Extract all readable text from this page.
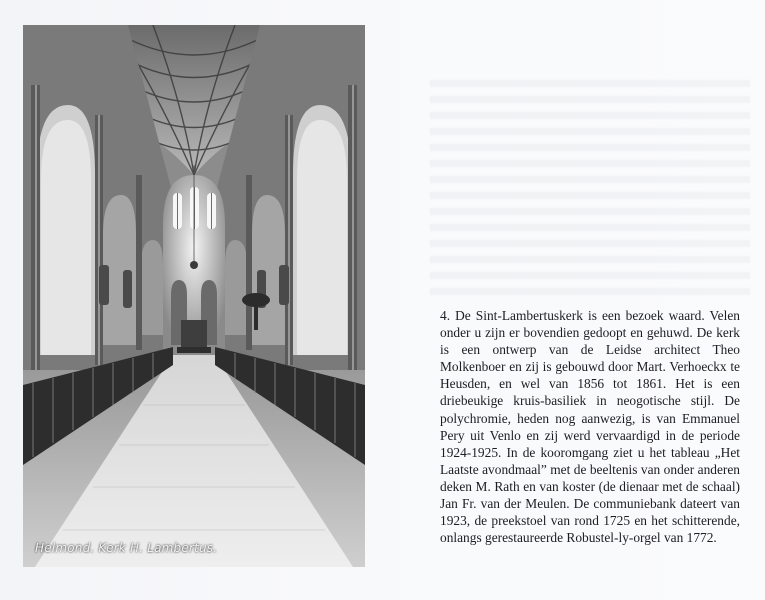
Helmond. Kerk H. Lambertus.

4. De Sint-Lambertuskerk is een bezoek waard. Velen onder u zijn er bovendien gedoopt en gehuwd. De kerk is een ontwerp van de Leidse architect Theo Molkenboer en zij is gebouwd door Mart. Verhoeckx te Heusden, en wel van 1856 tot 1861. Het is een driebeukige kruis-basiliek in neogotische stijl. De polychromie, heden nog aanwezig, is van Emmanuel Pery uit Venlo en zij werd vervaardigd in de periode 1924-1925. In de kooromgang ziet u het tableau „Het Laatste avondmaal” met de beeltenis van onder anderen deken M. Rath en van koster (de dienaar met de schaal) Jan Fr. van der Meulen. De communiebank dateert van 1923, de preekstoel van rond 1725 en het schitterende, onlangs gerestaureerde Robustel-ly-orgel van 1772.
